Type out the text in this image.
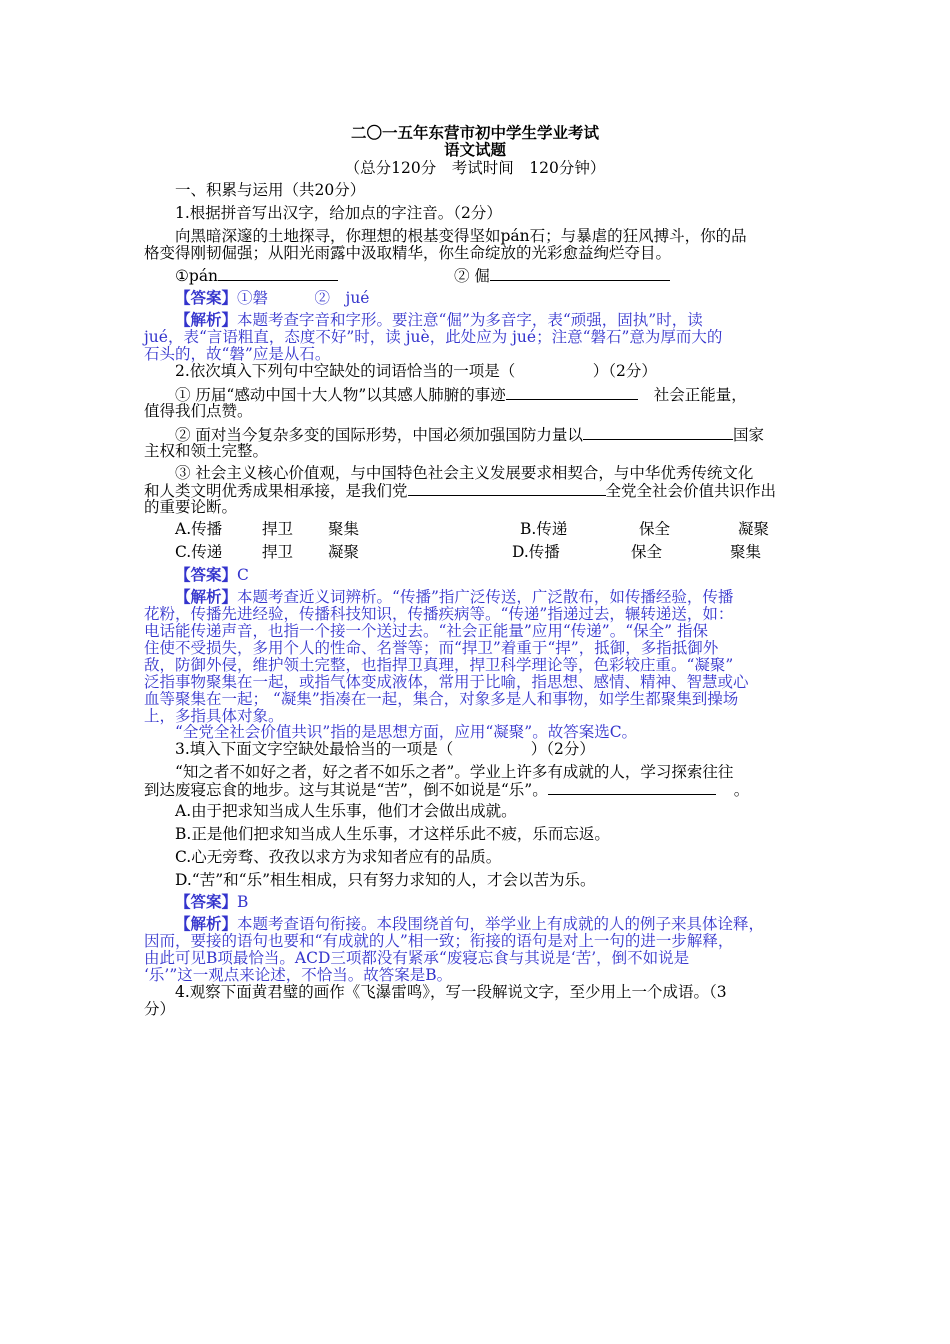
二〇一五年东营市初中学生学业考试
语文试题
（总分120分　考试时间　120分钟）
一、积累与运用（共20分）
1.根据拼音写出汉字，给加点的字注音。（2分）
向黑暗深邃的土地探寻，你理想的根基变得坚如pán石；与暴虐的狂风搏斗，你的品
格变得刚韧倔强；从阳光雨露中汲取精华，你生命绽放的光彩愈益绚烂夺目。
①pán	② 倔
【答案】①磐　　　②　jué
【解析】本题考查字音和字形。要注意“倔”为多音字，表“顽强，固执”时，读
jué，表“言语粗直，态度不好”时，读 juè，此处应为 jué；注意“磐石”意为厚而大的
石头的，故“磐”应是从石。
2.依次填入下列句中空缺处的词语恰当的一项是（　　　　　）（2分）
① 历届“感动中国十大人物”以其感人肺腑的事迹	社会正能量，
值得我们点赞。
② 面对当今复杂多变的国际形势，中国必须加强国防力量以	国家
主权和领土完整。
③ 社会主义核心价值观，与中国特色社会主义发展要求相契合，与中华优秀传统文化
和人类文明优秀成果相承接，是我们党	全党全社会价值共识作出
的重要论断。
A.传播	捍卫 聚集	B.传递	保全	凝聚
C.传递	捍卫 凝聚	D.传播	保全	聚集
【答案】C
【解析】本题考查近义词辨析。“传播”指广泛传送，广泛散布，如传播经验，传播
花粉，传播先进经验，传播科技知识，传播疾病等。“传递”指递过去，辗转递送，如：
电话能传递声音，也指一个接一个送过去。“社会正能量”应用“传递”。“保全” 指保
住使不受损失，多用个人的性命、名誉等；而“捍卫”着重于“捍”，抵御，多指抵御外
敌，防御外侵，维护领土完整，也指捍卫真理，捍卫科学理论等，色彩较庄重。“凝聚”
泛指事物聚集在一起，或指气体变成液体，常用于比喻，指思想、感情、精神、智慧或心
血等聚集在一起； “凝集”指凑在一起，集合，对象多是人和事物，如学生都聚集到操场
上，多指具体对象。
“全党全社会价值共识”指的是思想方面，应用“凝聚”。故答案选C。
3.填入下面文字空缺处最恰当的一项是（　　　　　）（2分）
“知之者不如好之者，好之者不如乐之者”。学业上许多有成就的人，学习探索往往
到达废寝忘食的地步。这与其说是“苦”，倒不如说是“乐”。	。
A.由于把求知当成人生乐事，他们才会做出成就。
B.正是他们把求知当成人生乐事，才这样乐此不疲，乐而忘返。
C.心无旁骛、孜孜以求方为求知者应有的品质。
D.“苦”和“乐”相生相成，只有努力求知的人，才会以苦为乐。
【答案】B
【解析】本题考查语句衔接。本段围绕首句，举学业上有成就的人的例子来具体诠释，
因而，要接的语句也要和“有成就的人”相一致；衔接的语句是对上一句的进一步解释，
由此可见B项最恰当。ACD三项都没有紧承“废寝忘食与其说是‘苦’，倒不如说是
‘乐’”这一观点来论述，不恰当。故答案是B。
4.观察下面黄君璧的画作《飞瀑雷鸣》，写一段解说文字，至少用上一个成语。（3
分）
